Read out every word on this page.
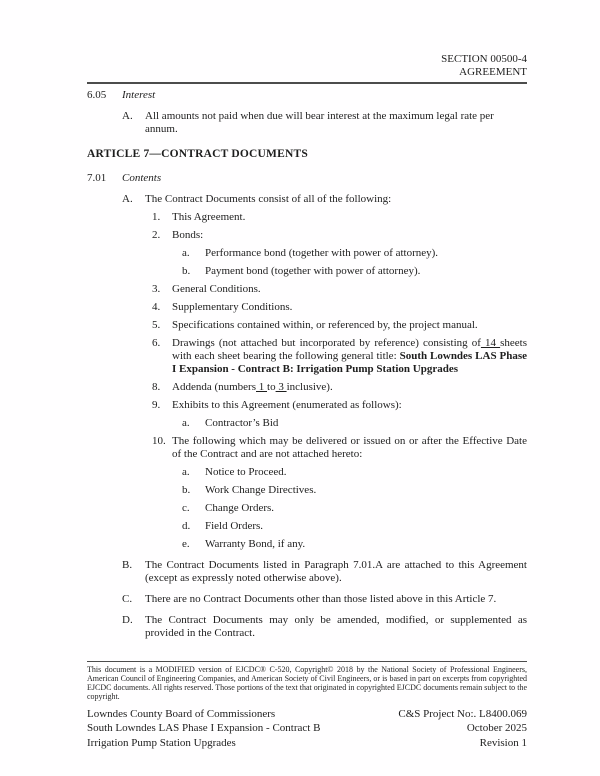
SECTION 00500-4
AGREEMENT
6.05	Interest
A.	All amounts not paid when due will bear interest at the maximum legal rate per annum.
ARTICLE 7—CONTRACT DOCUMENTS
7.01	Contents
A.	The Contract Documents consist of all of the following:
1.	This Agreement.
2.	Bonds:
a.	Performance bond (together with power of attorney).
b.	Payment bond (together with power of attorney).
3.	General Conditions.
4.	Supplementary Conditions.
5.	Specifications contained within, or referenced by, the project manual.
6.	Drawings (not attached but incorporated by reference) consisting of 14 sheets with each sheet bearing the following general title: South Lowndes LAS Phase I Expansion - Contract B: Irrigation Pump Station Upgrades
8.	Addenda (numbers 1 to 3 inclusive).
9.	Exhibits to this Agreement (enumerated as follows):
a.	Contractor’s Bid
10. The following which may be delivered or issued on or after the Effective Date of the Contract and are not attached hereto:
a.	Notice to Proceed.
b.	Work Change Directives.
c.	Change Orders.
d.	Field Orders.
e.	Warranty Bond, if any.
B.	The Contract Documents listed in Paragraph 7.01.A are attached to this Agreement (except as expressly noted otherwise above).
C.	There are no Contract Documents other than those listed above in this Article 7.
D.	The Contract Documents may only be amended, modified, or supplemented as provided in the Contract.
This document is a MODIFIED version of EJCDC® C-520, Copyright© 2018 by the National Society of Professional Engineers, American Council of Engineering Companies, and American Society of Civil Engineers, or is based in part on excerpts from copyrighted EJCDC documents. All rights reserved. Those portions of the text that originated in copyrighted EJCDC documents remain subject to the copyright.
Lowndes County Board of Commissioners
South Lowndes LAS Phase I Expansion - Contract B
Irrigation Pump Station Upgrades
C&S Project No:. L8400.069
October 2025
Revision 1
